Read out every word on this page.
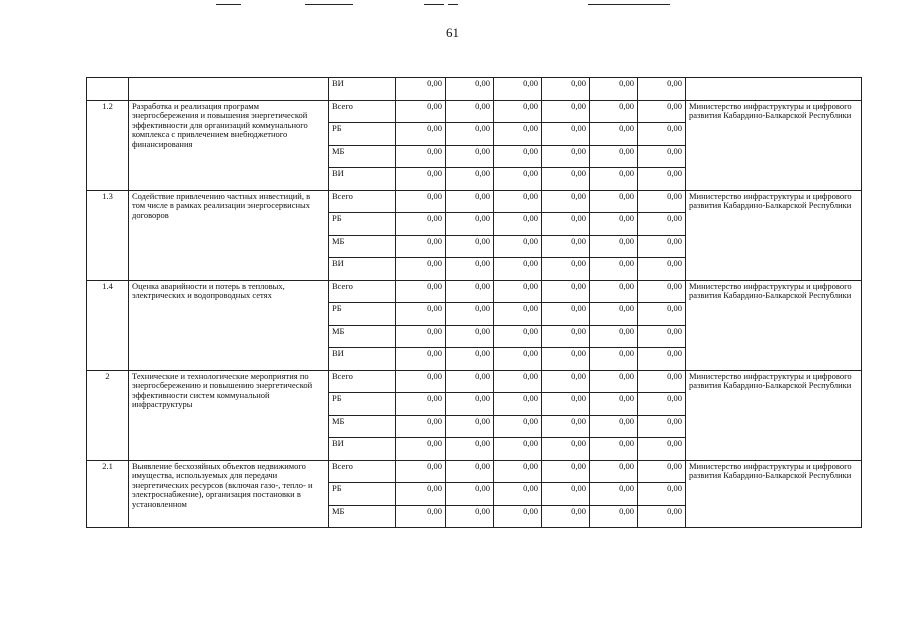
61
		ВИ	0,00	0,00	0,00	0,00	0,00	0,00	
1.2	Разработка и реализация программ энергосбережения и повышения энергетической эффективности для организаций коммунального комплекса с привлечением внебюджетного финансирования	Всего	0,00	0,00	0,00	0,00	0,00	0,00	Министерство инфраструктуры и цифрового развития Кабардино-Балкарской Республики
		РБ	0,00	0,00	0,00	0,00	0,00	0,00	
		МБ	0,00	0,00	0,00	0,00	0,00	0,00	
		ВИ	0,00	0,00	0,00	0,00	0,00	0,00	
1.3	Содействие привлечению частных инвестиций, в том числе в рамках реализации энергосервисных договоров	Всего	0,00	0,00	0,00	0,00	0,00	0,00	Министерство инфраструктуры и цифрового развития Кабардино-Балкарской Республики
		РБ	0,00	0,00	0,00	0,00	0,00	0,00	
		МБ	0,00	0,00	0,00	0,00	0,00	0,00	
		ВИ	0,00	0,00	0,00	0,00	0,00	0,00	
1.4	Оценка аварийности и потерь в тепловых, электрических и водопроводных сетях	Всего	0,00	0,00	0,00	0,00	0,00	0,00	Министерство инфраструктуры и цифрового развития Кабардино-Балкарской Республики
		РБ	0,00	0,00	0,00	0,00	0,00	0,00	
		МБ	0,00	0,00	0,00	0,00	0,00	0,00	
		ВИ	0,00	0,00	0,00	0,00	0,00	0,00	
2	Технические и технологические мероприятия по энергосбережению и повышению энергетической эффективности систем коммунальной инфраструктуры	Всего	0,00	0,00	0,00	0,00	0,00	0,00	Министерство инфраструктуры и цифрового развития Кабардино-Балкарской Республики
		РБ	0,00	0,00	0,00	0,00	0,00	0,00	
		МБ	0,00	0,00	0,00	0,00	0,00	0,00	
		ВИ	0,00	0,00	0,00	0,00	0,00	0,00	
2.1	Выявление бесхозяйных объектов недвижимого имущества, используемых для передачи энергетических ресурсов (включая газо-, тепло- и электроснабжение), организация постановки в установленном	Всего	0,00	0,00	0,00	0,00	0,00	0,00	Министерство инфраструктуры и цифрового развития Кабардино-Балкарской Республики
		РБ	0,00	0,00	0,00	0,00	0,00	0,00	
		МБ	0,00	0,00	0,00	0,00	0,00	0,00	
